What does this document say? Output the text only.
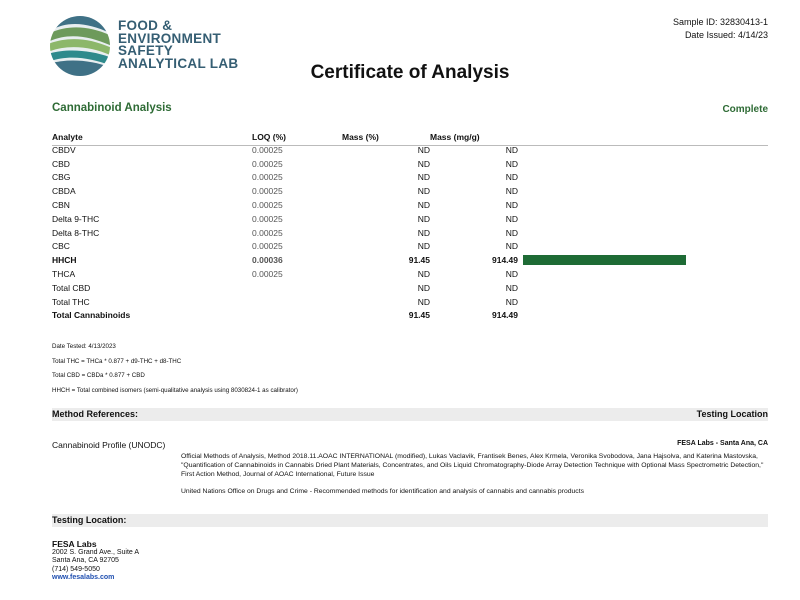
FOOD &
ENVIRONMENT
SAFETY
ANALYTICAL LAB
Sample ID: 32830413-1
Date Issued: 4/14/23
Certificate of Analysis
Cannabinoid Analysis	Complete
Analyte	LOQ (%)	Mass (%)	Mass (mg/g)	
CBDV	0.00025	ND	ND	
CBD	0.00025	ND	ND	
CBG	0.00025	ND	ND	
CBDA	0.00025	ND	ND	
CBN	0.00025	ND	ND	
Delta 9-THC	0.00025	ND	ND	
Delta 8-THC	0.00025	ND	ND	
CBC	0.00025	ND	ND	
HHCH	0.00036	91.45	914.49	

THCA	0.00025	ND	ND	
Total CBD		ND	ND	
Total THC		ND	ND	
Total Cannabinoids		91.45	914.49	
Date Tested: 4/13/2023
Total THC = THCa * 0.877 + d9-THC + d8-THC
Total CBD = CBDa * 0.877 + CBD
HHCH = Total combined isomers (semi-qualitative analysis using 8030824-1 as calibrator)
Method References:	Testing Location
Cannabinoid Profile (UNODC)	FESA Labs - Santa Ana, CA
Official Methods of Analysis, Method 2018.11.AOAC INTERNATIONAL (modified), Lukas Vaclavik, Frantisek Benes, Alex Krmela, Veronika Svobodova, Jana Hajsolva, and Katerina Mastovska, "Quantification of Cannabinoids in Cannabis Dried Plant Materials, Concentrates, and Oils Liquid Chromatography-Diode Array Detection Technique with Optional Mass Spectrometric Detection," First Action Method, Journal of AOAC International, Future Issue
United Nations Office on Drugs and Crime - Recommended methods for identification and analysis of cannabis and cannabis products
Testing Location:
FESA Labs
2002 S. Grand Ave., Suite A
Santa Ana, CA 92705
(714) 549-5050
www.fesalabs.com
